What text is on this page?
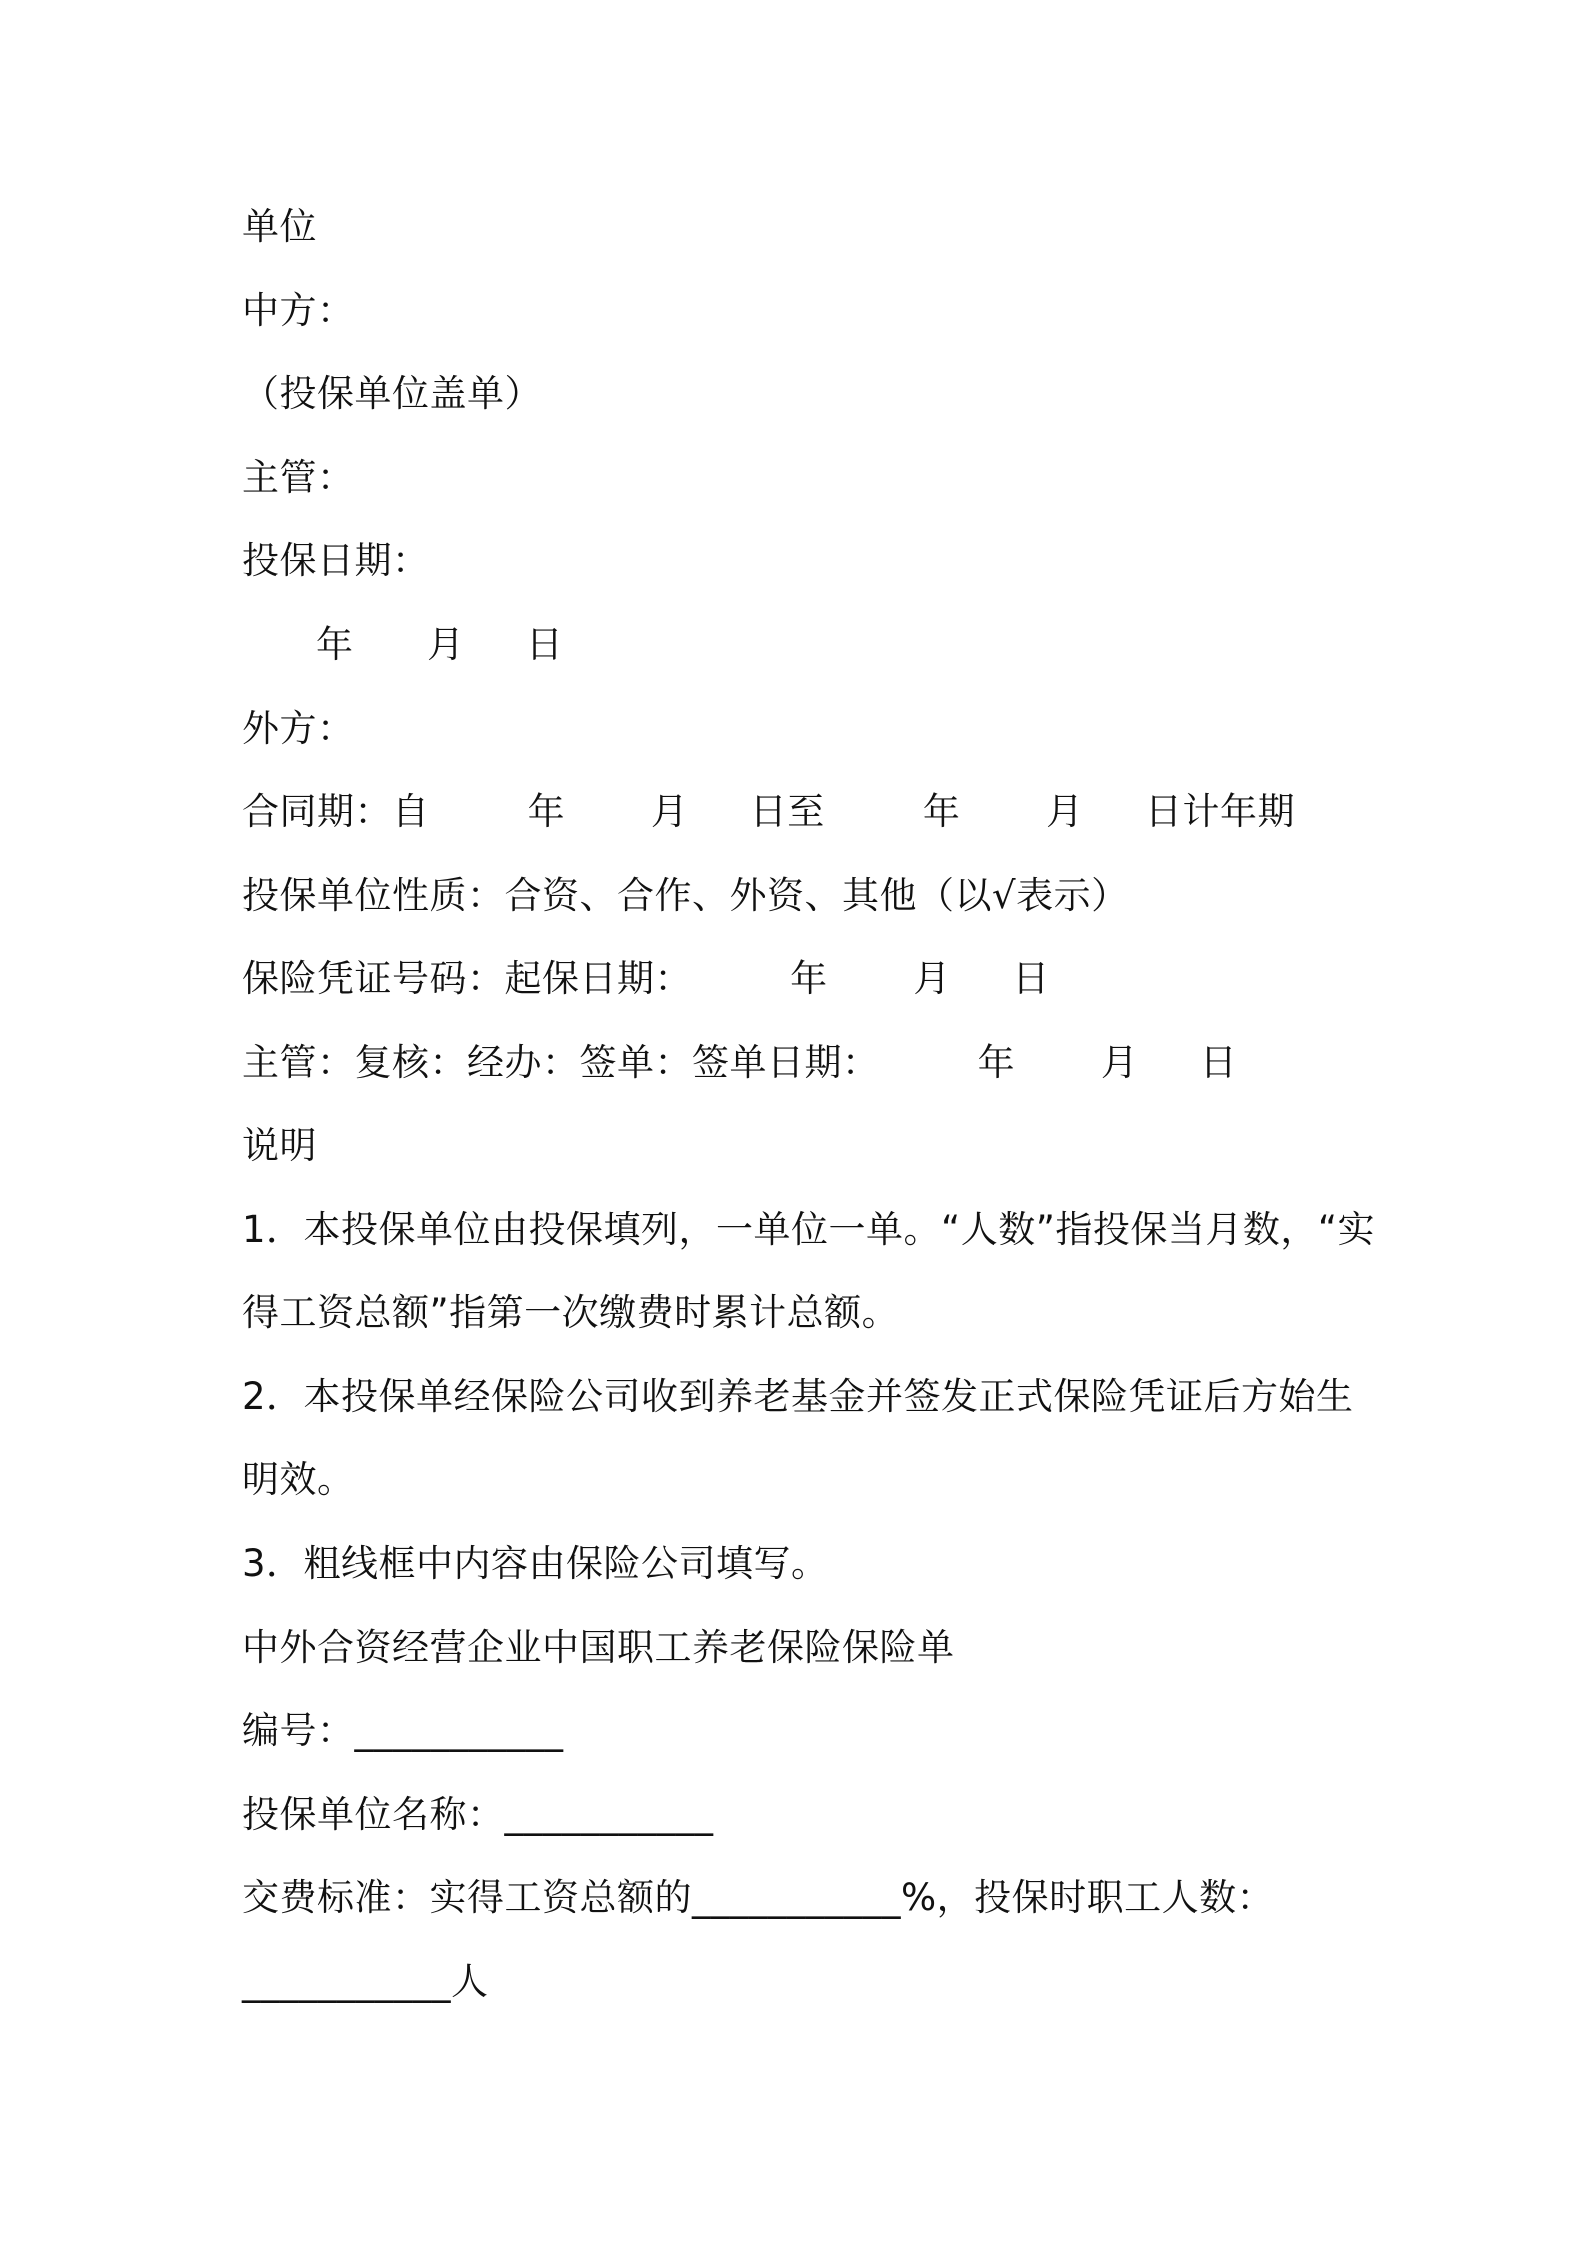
单位
中方：
（投保单位盖单）
主管：
投保日期：
年      月     日
外方：
合同期：自        年       月     日至        年       月     日计年期
投保单位性质：合资、合作、外资、其他（以√表示）
保险凭证号码：起保日期：        年       月     日
主管：复核：经办：签单：签单日期：        年       月     日
说明
1．本投保单位由投保填列，一单位一单。“人数”指投保当月数，“实
得工资总额”指第一次缴费时累计总额。
2．本投保单经保险公司收到养老基金并签发正式保险凭证后方始生
明效。
3．粗线框中内容由保险公司填写。
中外合资经营企业中国职工养老保险保险单
编号：___________
投保单位名称：___________
交费标准：实得工资总额的___________%，投保时职工人数：
___________人
